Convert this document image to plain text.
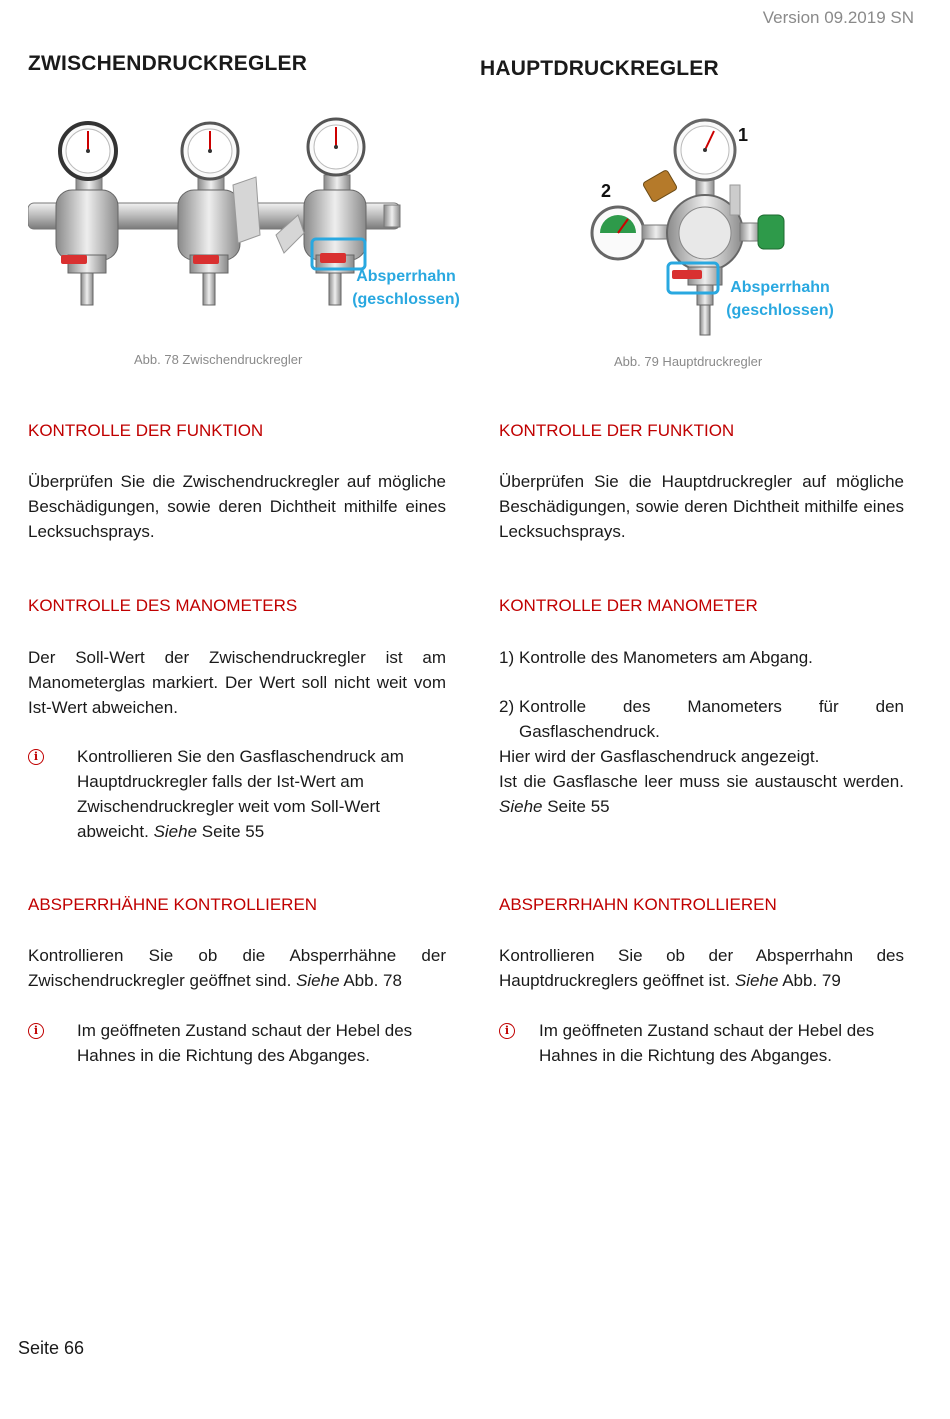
Version 09.2019 SN
ZWISCHENDRUCKREGLER	HAUPTDRUCKREGLER
Absperrhahn
(geschlossen)
Abb. 78 Zwischendruckregler
1
2
Absperrhahn
(geschlossen)
Abb. 79 Hauptdruckregler
KONTROLLE DER FUNKTION
Überprüfen Sie die Zwischendruckregler auf mögliche Beschädigungen, sowie deren Dichtheit mithilfe eines Lecksuchsprays.
KONTROLLE DES MANOMETERS
Der Soll-Wert der Zwischendruckregler ist am Manometerglas markiert. Der Wert soll nicht weit vom Ist-Wert abweichen.
i	Kontrollieren Sie den Gasflaschendruck am Hauptdruckregler falls der Ist-Wert am Zwischendruckregler weit vom Soll-Wert abweicht. Siehe Seite 55
ABSPERRHÄHNE KONTROLLIEREN
Kontrollieren Sie ob die Absperrhähne der Zwischendruckregler geöffnet sind. Siehe Abb. 78
i	Im geöffneten Zustand schaut der Hebel des Hahnes in die Richtung des Abganges.
KONTROLLE DER FUNKTION
Überprüfen Sie die Hauptdruckregler auf mögliche Beschädigungen, sowie deren Dichtheit mithilfe eines Lecksuchsprays.
KONTROLLE DER MANOMETER
1) Kontrolle des Manometers am Abgang.
2) Kontrolle des Manometers für den Gasflaschendruck.
Hier wird der Gasflaschendruck angezeigt.
Ist die Gasflasche leer muss sie austauscht werden. Siehe Seite 55
ABSPERRHAHN KONTROLLIEREN
Kontrollieren Sie ob der Absperrhahn des Hauptdruckreglers geöffnet ist. Siehe Abb. 79
i	Im geöffneten Zustand schaut der Hebel des Hahnes in die Richtung des Abganges.
Seite 66
